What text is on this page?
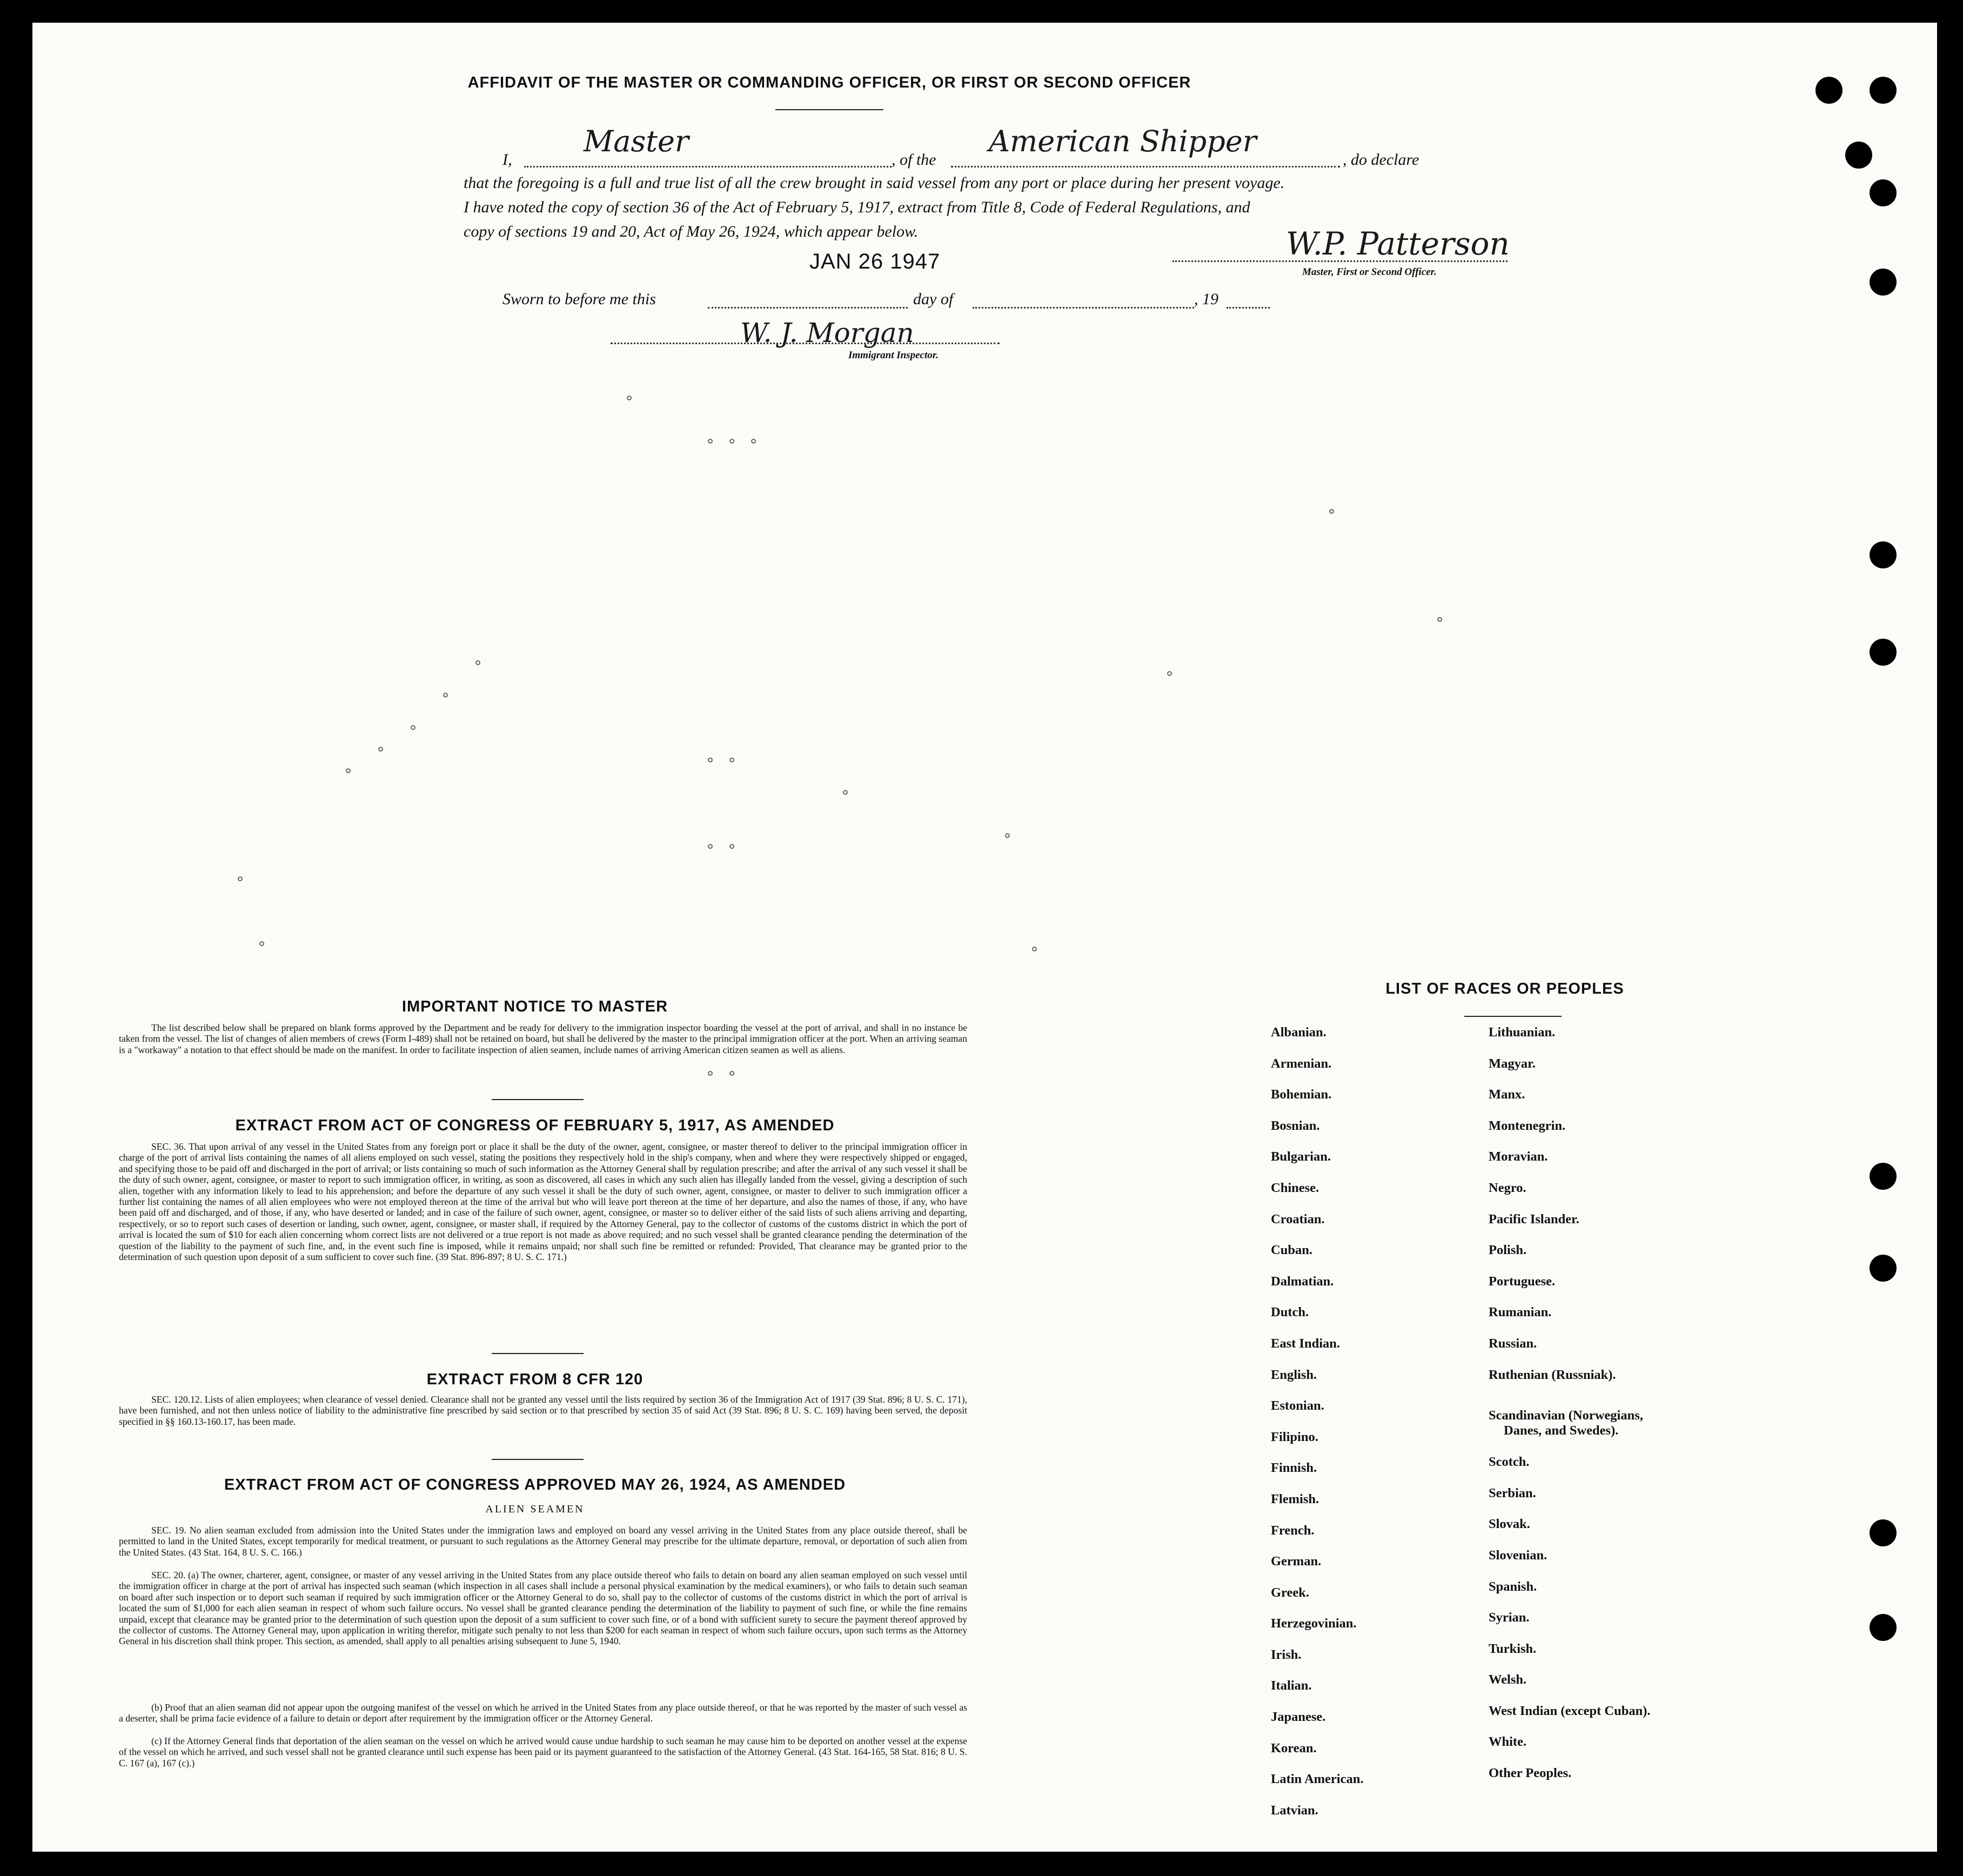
AFFIDAVIT OF THE MASTER OR COMMANDING OFFICER, OR FIRST OR SECOND OFFICER
I,
Master
, of the
American Shipper
, do declare
that the foregoing is a full and true list of all the crew brought in said vessel from any port or place during her present voyage.
I have noted the copy of section 36 of the Act of February 5, 1917, extract from Title 8, Code of Federal Regulations, and
copy of sections 19 and 20, Act of May 26, 1924, which appear below.
JAN 26 1947	W.P. Patterson
Master, First or Second Officer.
Sworn to before me this	day of	, 19
W. J. Morgan
Immigrant Inspector.
IMPORTANT NOTICE TO MASTER
The list described below shall be prepared on blank forms approved by the Department and be ready for delivery to the immigration inspector boarding the vessel at the port of arrival, and shall in no instance be taken from the vessel. The list of changes of alien members of crews (Form I-489) shall not be retained on board, but shall be delivered by the master to the principal immigration officer at the port. When an arriving seaman is a "workaway" a notation to that effect should be made on the manifest. In order to facilitate inspection of alien seamen, include names of arriving American citizen seamen as well as aliens.
EXTRACT FROM ACT OF CONGRESS OF FEBRUARY 5, 1917, AS AMENDED
SEC. 36. That upon arrival of any vessel in the United States from any foreign port or place it shall be the duty of the owner, agent, consignee, or master thereof to deliver to the principal immigration officer in charge of the port of arrival lists containing the names of all aliens employed on such vessel, stating the positions they respectively hold in the ship's company, when and where they were respectively shipped or engaged, and specifying those to be paid off and discharged in the port of arrival; or lists containing so much of such information as the Attorney General shall by regulation prescribe; and after the arrival of any such vessel it shall be the duty of such owner, agent, consignee, or master to report to such immigration officer, in writing, as soon as discovered, all cases in which any such alien has illegally landed from the vessel, giving a description of such alien, together with any information likely to lead to his apprehension; and before the departure of any such vessel it shall be the duty of such owner, agent, consignee, or master to deliver to such immigration officer a further list containing the names of all alien employees who were not employed thereon at the time of the arrival but who will leave port thereon at the time of her departure, and also the names of those, if any, who have been paid off and discharged, and of those, if any, who have deserted or landed; and in case of the failure of such owner, agent, consignee, or master so to deliver either of the said lists of such aliens arriving and departing, respectively, or so to report such cases of desertion or landing, such owner, agent, consignee, or master shall, if required by the Attorney General, pay to the collector of customs of the customs district in which the port of arrival is located the sum of $10 for each alien concerning whom correct lists are not delivered or a true report is not made as above required; and no such vessel shall be granted clearance pending the determination of the question of the liability to the payment of such fine, and, in the event such fine is imposed, while it remains unpaid; nor shall such fine be remitted or refunded: Provided, That clearance may be granted prior to the determination of such question upon deposit of a sum sufficient to cover such fine. (39 Stat. 896-897; 8 U. S. C. 171.)
EXTRACT FROM 8 CFR 120
SEC. 120.12. Lists of alien employees; when clearance of vessel denied. Clearance shall not be granted any vessel until the lists required by section 36 of the Immigration Act of 1917 (39 Stat. 896; 8 U. S. C. 171), have been furnished, and not then unless notice of liability to the administrative fine prescribed by said section or to that prescribed by section 35 of said Act (39 Stat. 896; 8 U. S. C. 169) having been served, the deposit specified in §§ 160.13-160.17, has been made.
EXTRACT FROM ACT OF CONGRESS APPROVED MAY 26, 1924, AS AMENDED
ALIEN SEAMEN
SEC. 19. No alien seaman excluded from admission into the United States under the immigration laws and employed on board any vessel arriving in the United States from any place outside thereof, shall be permitted to land in the United States, except temporarily for medical treatment, or pursuant to such regulations as the Attorney General may prescribe for the ultimate departure, removal, or deportation of such alien from the United States. (43 Stat. 164, 8 U. S. C. 166.)
SEC. 20. (a) The owner, charterer, agent, consignee, or master of any vessel arriving in the United States from any place outside thereof who fails to detain on board any alien seaman employed on such vessel until the immigration officer in charge at the port of arrival has inspected such seaman (which inspection in all cases shall include a personal physical examination by the medical examiners), or who fails to detain such seaman on board after such inspection or to deport such seaman if required by such immigration officer or the Attorney General to do so, shall pay to the collector of customs of the customs district in which the port of arrival is located the sum of $1,000 for each alien seaman in respect of whom such failure occurs. No vessel shall be granted clearance pending the determination of the liability to payment of such fine, or while the fine remains unpaid, except that clearance may be granted prior to the determination of such question upon the deposit of a sum sufficient to cover such fine, or of a bond with sufficient surety to secure the payment thereof approved by the collector of customs. The Attorney General may, upon application in writing therefor, mitigate such penalty to not less than $200 for each seaman in respect of whom such failure occurs, upon such terms as the Attorney General in his discretion shall think proper. This section, as amended, shall apply to all penalties arising subsequent to June 5, 1940.
(b) Proof that an alien seaman did not appear upon the outgoing manifest of the vessel on which he arrived in the United States from any place outside thereof, or that he was reported by the master of such vessel as a deserter, shall be prima facie evidence of a failure to detain or deport after requirement by the immigration officer or the Attorney General.
(c) If the Attorney General finds that deportation of the alien seaman on the vessel on which he arrived would cause undue hardship to such seaman he may cause him to be deported on another vessel at the expense of the vessel on which he arrived, and such vessel shall not be granted clearance until such expense has been paid or its payment guaranteed to the satisfaction of the Attorney General. (43 Stat. 164-165, 58 Stat. 816; 8 U. S. C. 167 (a), 167 (c).)
LIST OF RACES OR PEOPLES
Albanian.
Armenian.
Bohemian.
Bosnian.
Bulgarian.
Chinese.
Croatian.
Cuban.
Dalmatian.
Dutch.
East Indian.
English.
Estonian.
Filipino.
Finnish.
Flemish.
French.
German.
Greek.
Herzegovinian.
Irish.
Italian.
Japanese.
Korean.
Latin American.
Latvian.
Lithuanian.
Magyar.
Manx.
Montenegrin.
Moravian.
Negro.
Pacific Islander.
Polish.
Portuguese.
Rumanian.
Russian.
Ruthenian (Russniak).
Scandinavian (Norwegians,
Danes, and Swedes).
Scotch.
Serbian.
Slovak.
Slovenian.
Spanish.
Syrian.
Turkish.
Welsh.
West Indian (except Cuban).
White.
Other Peoples.
